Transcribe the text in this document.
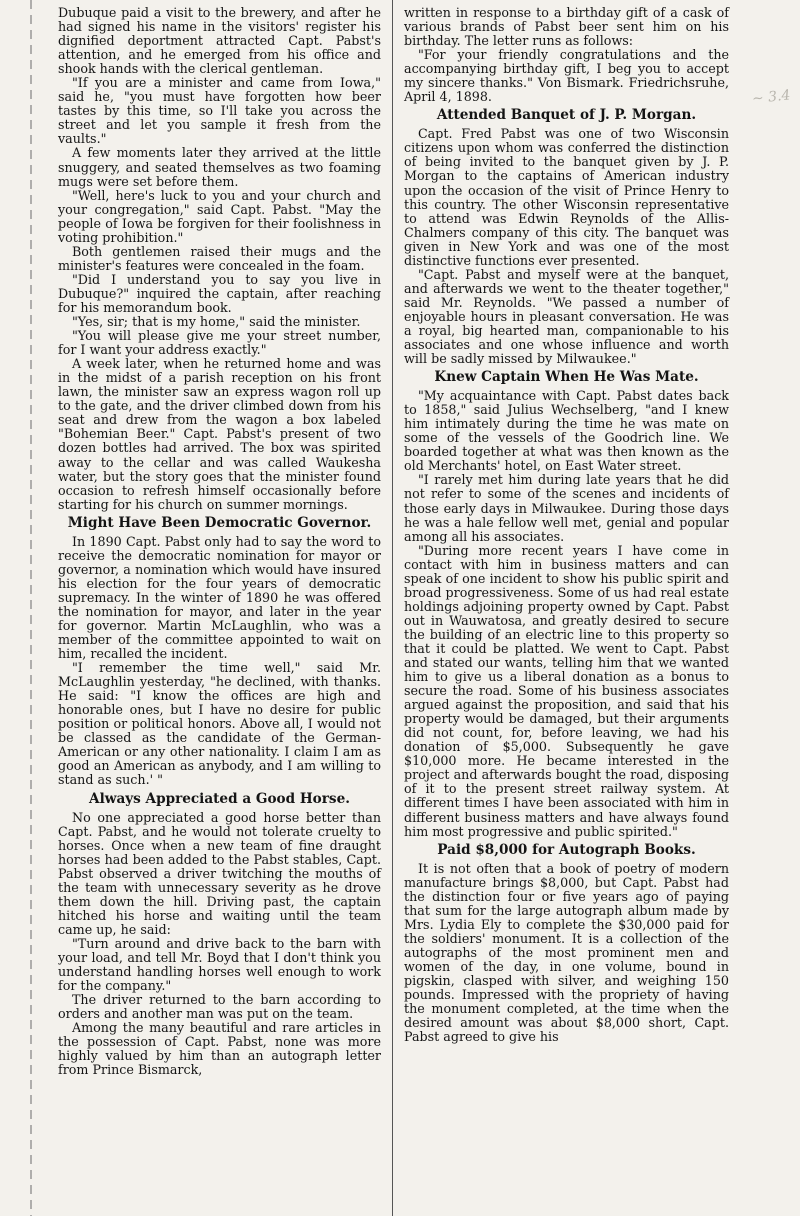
Dubuque paid a visit to the brewery, and after he had signed his name in the visitors' register his dignified deportment attracted Capt. Pabst's attention, and he emerged from his office and shook hands with the clerical gentleman.

"If you are a minister and came from Iowa," said he, "you must have forgotten how beer tastes by this time, so I'll take you across the street and let you sample it fresh from the vaults."

A few moments later they arrived at the little snuggery, and seated themselves as two foaming mugs were set before them.

"Well, here's luck to you and your church and your congregation," said Capt. Pabst. "May the people of Iowa be forgiven for their foolishness in voting prohibition."

Both gentlemen raised their mugs and the minister's features were concealed in the foam.

"Did I understand you to say you live in Dubuque?" inquired the captain, after reaching for his memorandum book.

"Yes, sir; that is my home," said the minister.

"You will please give me your street number, for I want your address exactly."

A week later, when he returned home and was in the midst of a parish reception on his front lawn, the minister saw an express wagon roll up to the gate, and the driver climbed down from his seat and drew from the wagon a box labeled "Bohemian Beer." Capt. Pabst's present of two dozen bottles had arrived. The box was spirited away to the cellar and was called Waukesha water, but the story goes that the minister found occasion to refresh himself occasionally before starting for his church on summer mornings.

Might Have Been Democratic Governor.

In 1890 Capt. Pabst only had to say the word to receive the democratic nomination for mayor or governor, a nomination which would have insured his election for the four years of democratic supremacy. In the winter of 1890 he was offered the nomination for mayor, and later in the year for governor. Martin McLaughlin, who was a member of the committee appointed to wait on him, recalled the incident.

"I remember the time well," said Mr. McLaughlin yesterday, "he declined, with thanks. He said: "I know the offices are high and honorable ones, but I have no desire for public position or political honors. Above all, I would not be classed as the candidate of the German-American or any other nationality. I claim I am as good an American as anybody, and I am willing to stand as such.' "

Always Appreciated a Good Horse.

No one appreciated a good horse better than Capt. Pabst, and he would not tolerate cruelty to horses. Once when a new team of fine draught horses had been added to the Pabst stables, Capt. Pabst observed a driver twitching the mouths of the team with unnecessary severity as he drove them down the hill. Driving past, the captain hitched his horse and waiting until the team came up, he said:

"Turn around and drive back to the barn with your load, and tell Mr. Boyd that I don't think you understand handling horses well enough to work for the company."

The driver returned to the barn according to orders and another man was put on the team.

Among the many beautiful and rare articles in the possession of Capt. Pabst, none was more highly valued by him than an autograph letter from Prince Bismarck,

written in response to a birthday gift of a cask of various brands of Pabst beer sent him on his birthday. The letter runs as follows:

"For your friendly congratulations and the accompanying birthday gift, I beg you to accept my sincere thanks." Von Bismark. Friedrichsruhe, April 4, 1898.

Attended Banquet of J. P. Morgan.

Capt. Fred Pabst was one of two Wisconsin citizens upon whom was conferred the distinction of being invited to the banquet given by J. P. Morgan to the captains of American industry upon the occasion of the visit of Prince Henry to this country. The other Wisconsin representative to attend was Edwin Reynolds of the Allis-Chalmers company of this city. The banquet was given in New York and was one of the most distinctive functions ever presented.

"Capt. Pabst and myself were at the banquet, and afterwards we went to the theater together," said Mr. Reynolds. "We passed a number of enjoyable hours in pleasant conversation. He was a royal, big hearted man, companionable to his associates and one whose influence and worth will be sadly missed by Milwaukee."

Knew Captain When He Was Mate.

"My acquaintance with Capt. Pabst dates back to 1858," said Julius Wechselberg, "and I knew him intimately during the time he was mate on some of the vessels of the Goodrich line. We boarded together at what was then known as the old Merchants' hotel, on East Water street.

"I rarely met him during late years that he did not refer to some of the scenes and incidents of those early days in Milwaukee. During those days he was a hale fellow well met, genial and popular among all his associates.

"During more recent years I have come in contact with him in business matters and can speak of one incident to show his public spirit and broad progressiveness. Some of us had real estate holdings adjoining property owned by Capt. Pabst out in Wauwatosa, and greatly desired to secure the building of an electric line to this property so that it could be platted. We went to Capt. Pabst and stated our wants, telling him that we wanted him to give us a liberal donation as a bonus to secure the road. Some of his business associates argued against the proposition, and said that his property would be damaged, but their arguments did not count, for, before leaving, we had his donation of $5,000. Subsequently he gave $10,000 more. He became interested in the project and afterwards bought the road, disposing of it to the present street railway system. At different times I have been associated with him in different business matters and have always found him most progressive and public spirited."

Paid $8,000 for Autograph Books.

It is not often that a book of poetry of modern manufacture brings $8,000, but Capt. Pabst had the distinction four or five years ago of paying that sum for the large autograph album made by Mrs. Lydia Ely to complete the $30,000 paid for the soldiers' monument. It is a collection of the autographs of the most prominent men and women of the day, in one volume, bound in pigskin, clasped with silver, and weighing 150 pounds. Impressed with the propriety of having the monument completed, at the time when the desired amount was about $8,000 short, Capt. Pabst agreed to give his

~ 3.4
